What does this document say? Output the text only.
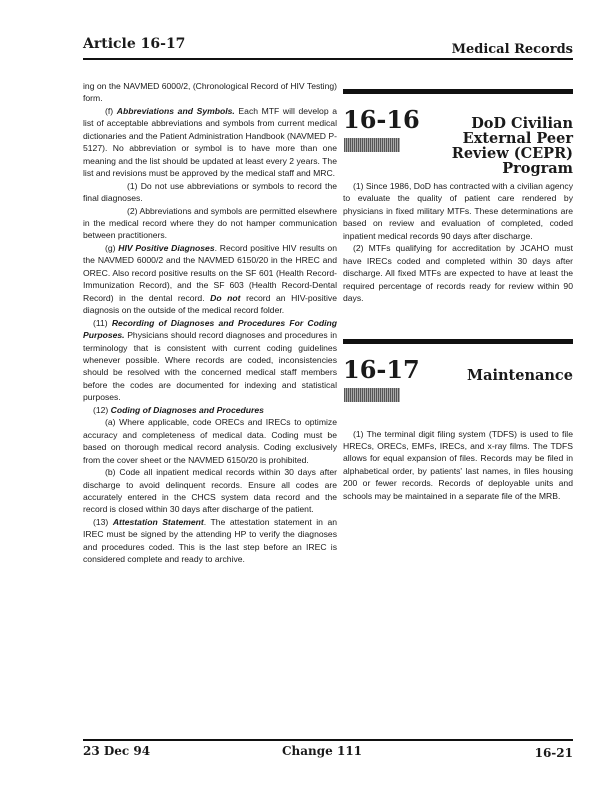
Article 16-17	Medical Records

ing on the NAVMED 6000/2, (Chronological Record of HIV Testing) form.

(f) Abbreviations and Symbols. Each MTF will develop a list of acceptable abbreviations and symbols from current medical dictionaries and the Patient Administration Handbook (NAVMED P-5127). No abbreviation or symbol is to have more than one meaning and the list should be updated at least every 2 years. The list and revisions must be approved by the medical staff and MRC.

(1) Do not use abbreviations or symbols to record the final diagnoses.

(2) Abbreviations and symbols are permitted elsewhere in the medical record where they do not hamper communication between practitioners.

(g) HIV Positive Diagnoses. Record positive HIV results on the NAVMED 6000/2 and the NAVMED 6150/20 in the HREC and OREC. Also record positive results on the SF 601 (Health Record-Immunization Record), and the SF 603 (Health Record-Dental Record) in the dental record. Do not record an HIV-positive diagnosis on the outside of the medical record folder.

(11) Recording of Diagnoses and Procedures For Coding Purposes. Physicians should record diagnoses and procedures in terminology that is consistent with current coding guidelines whenever possible. Where records are coded, inconsistencies should be resolved with the concerned medical staff members before the codes are documented for indexing and statistical purposes.

(12) Coding of Diagnoses and Procedures

(a) Where applicable, code ORECs and IRECs to optimize accuracy and completeness of medical data. Coding must be based on thorough medical record analysis. Coding exclusively from the cover sheet or the NAVMED 6150/20 is prohibited.

(b) Code all inpatient medical records within 30 days after discharge to avoid delinquent records. Ensure all codes are accurately entered in the CHCS system data record and the record is closed within 30 days after discharge of the patient.

(13) Attestation Statement. The attestation statement in an IREC must be signed by the attending HP to verify the diagnoses and procedures coded. This is the last step before an IREC is considered complete and ready to archive.

16-16	DoD Civilian External Peer Review (CEPR) Program

(1) Since 1986, DoD has contracted with a civilian agency to evaluate the quality of patient care rendered by physicians in fixed military MTFs. These determinations are based on review and evaluation of completed, coded inpatient medical records 90 days after discharge.

(2) MTFs qualifying for accreditation by JCAHO must have IRECs coded and completed within 30 days after discharge. All fixed MTFs are expected to have at least the required percentage of records ready for review within 90 days.

16-17	Maintenance

(1) The terminal digit filing system (TDFS) is used to file HRECs, ORECs, EMFs, IRECs, and x-ray films. The TDFS allows for equal expansion of files. Records may be filed in alphabetical order, by patients' last names, in files housing 200 or fewer records. Records of deployable units and schools may be maintained in a separate file of the MRB.

23 Dec 94	Change 111	16-21
